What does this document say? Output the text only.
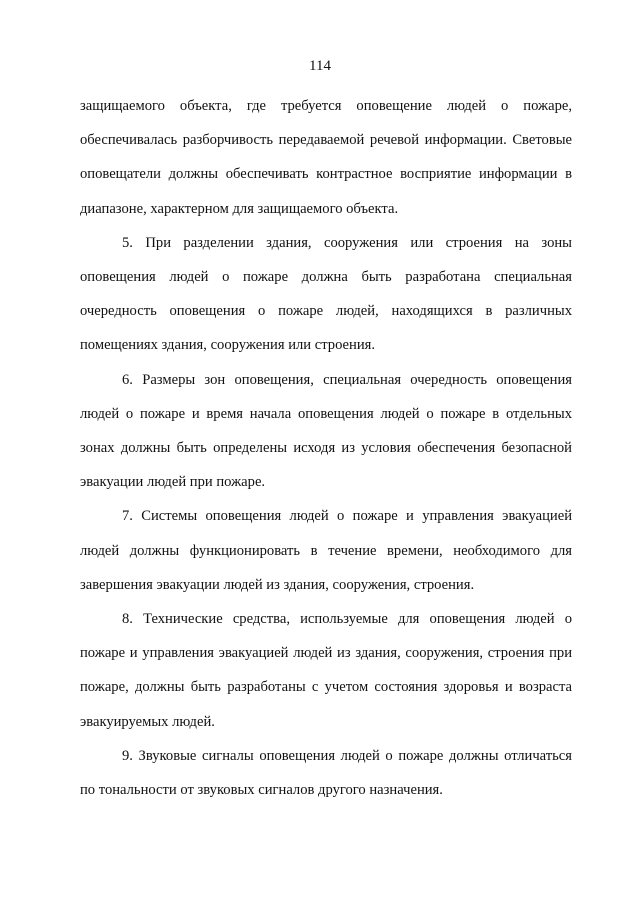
114

защищаемого объекта, где требуется оповещение людей о пожаре, обеспечивалась разборчивость передаваемой речевой информации. Световые оповещатели должны обеспечивать контрастное восприятие информации в диапазоне, характерном для защищаемого объекта.

5. При разделении здания, сооружения или строения на зоны оповещения людей о пожаре должна быть разработана специальная очередность оповещения о пожаре людей, находящихся в различных помещениях здания, сооружения или строения.

6. Размеры зон оповещения, специальная очередность оповещения людей о пожаре и время начала оповещения людей о пожаре в отдельных зонах должны быть определены исходя из условия обеспечения безопасной эвакуации людей при пожаре.

7. Системы оповещения людей о пожаре и управления эвакуацией людей должны функционировать в течение времени, необходимого для завершения эвакуации людей из здания, сооружения, строения.

8. Технические средства, используемые для оповещения людей о пожаре и управления эвакуацией людей из здания, сооружения, строения при пожаре, должны быть разработаны с учетом состояния здоровья и возраста эвакуируемых людей.

9. Звуковые сигналы оповещения людей о пожаре должны отличаться по тональности от звуковых сигналов другого назначения.
